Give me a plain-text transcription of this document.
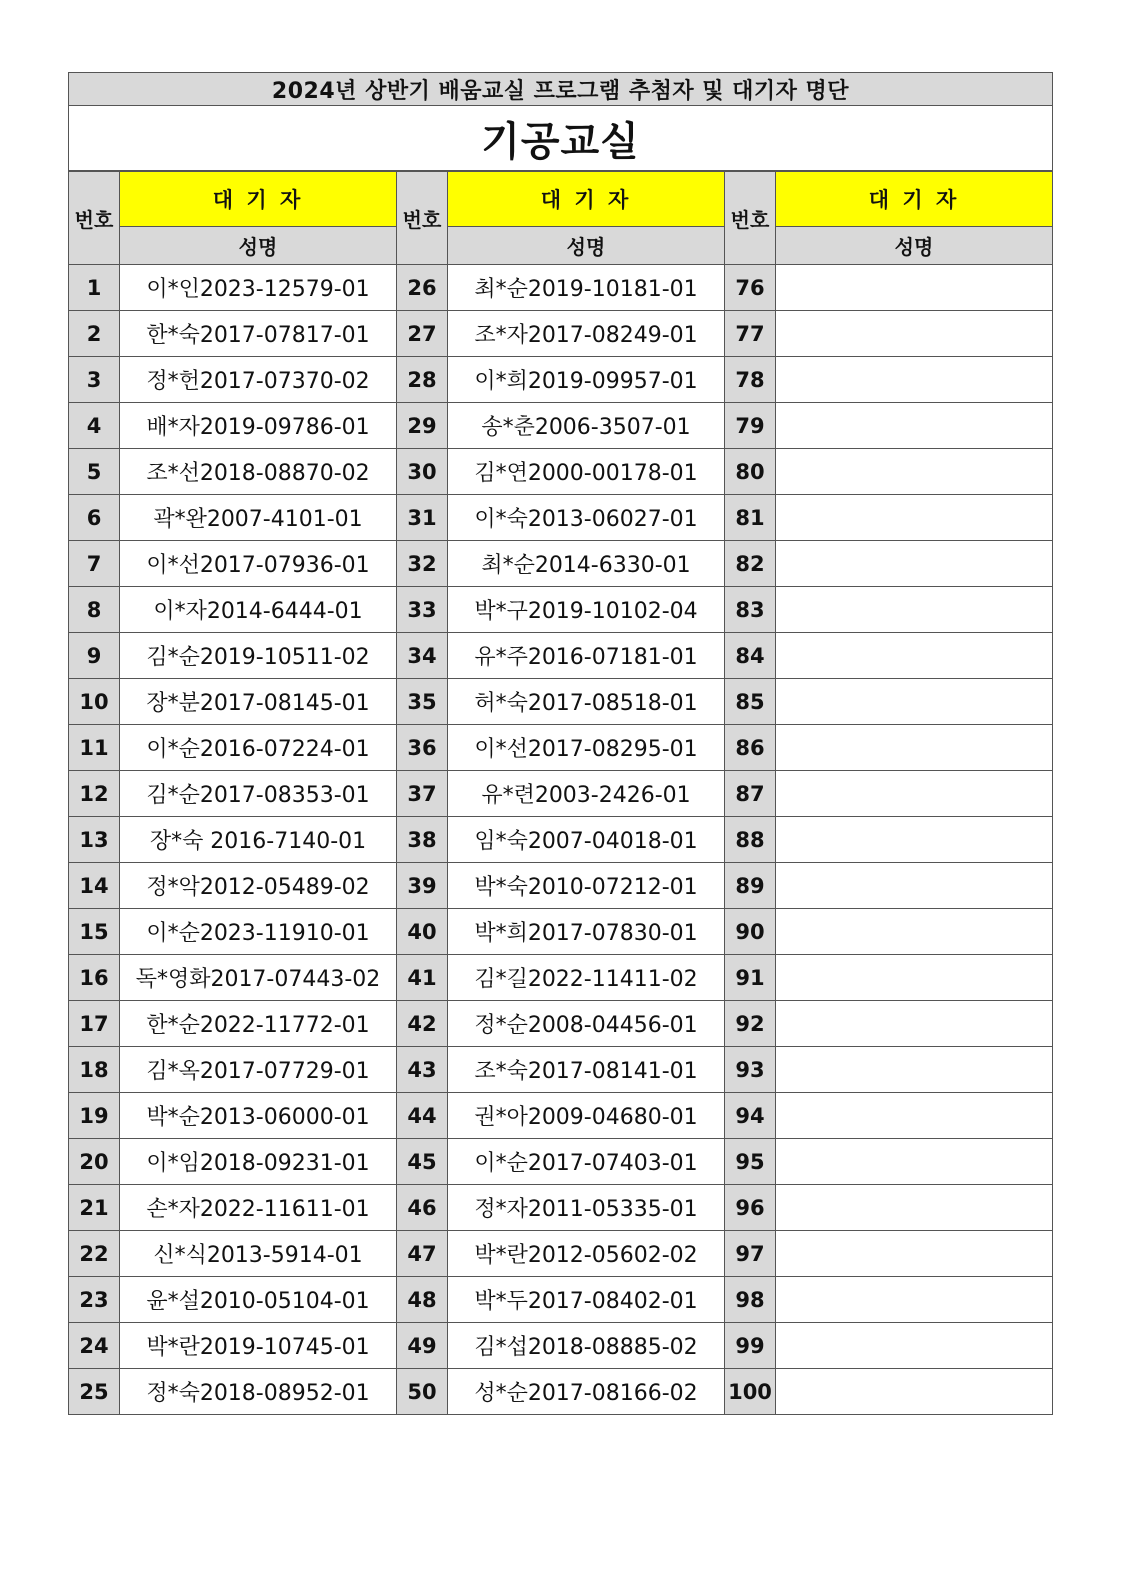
2024년 상반기 배움교실 프로그램 추첨자 및 대기자 명단
기공교실
번호	대 기 자	번호	대 기 자	번호	대 기 자
	성명		성명		성명
1	이*인2023-12579-01	26	최*순2019-10181-01	76	
2	한*숙2017-07817-01	27	조*자2017-08249-01	77	
3	정*헌2017-07370-02	28	이*희2019-09957-01	78	
4	배*자2019-09786-01	29	송*춘2006-3507-01	79	
5	조*선2018-08870-02	30	김*연2000-00178-01	80	
6	곽*완2007-4101-01	31	이*숙2013-06027-01	81	
7	이*선2017-07936-01	32	최*순2014-6330-01	82	
8	이*자2014-6444-01	33	박*구2019-10102-04	83	
9	김*순2019-10511-02	34	유*주2016-07181-01	84	
10	장*분2017-08145-01	35	허*숙2017-08518-01	85	
11	이*순2016-07224-01	36	이*선2017-08295-01	86	
12	김*순2017-08353-01	37	유*련2003-2426-01	87	
13	장*숙 2016-7140-01	38	임*숙2007-04018-01	88	
14	정*악2012-05489-02	39	박*숙2010-07212-01	89	
15	이*순2023-11910-01	40	박*희2017-07830-01	90	
16	독*영화2017-07443-02	41	김*길2022-11411-02	91	
17	한*순2022-11772-01	42	정*순2008-04456-01	92	
18	김*옥2017-07729-01	43	조*숙2017-08141-01	93	
19	박*순2013-06000-01	44	권*아2009-04680-01	94	
20	이*임2018-09231-01	45	이*순2017-07403-01	95	
21	손*자2022-11611-01	46	정*자2011-05335-01	96	
22	신*식2013-5914-01	47	박*란2012-05602-02	97	
23	윤*설2010-05104-01	48	박*두2017-08402-01	98	
24	박*란2019-10745-01	49	김*섭2018-08885-02	99	
25	정*숙2018-08952-01	50	성*순2017-08166-02	100	
